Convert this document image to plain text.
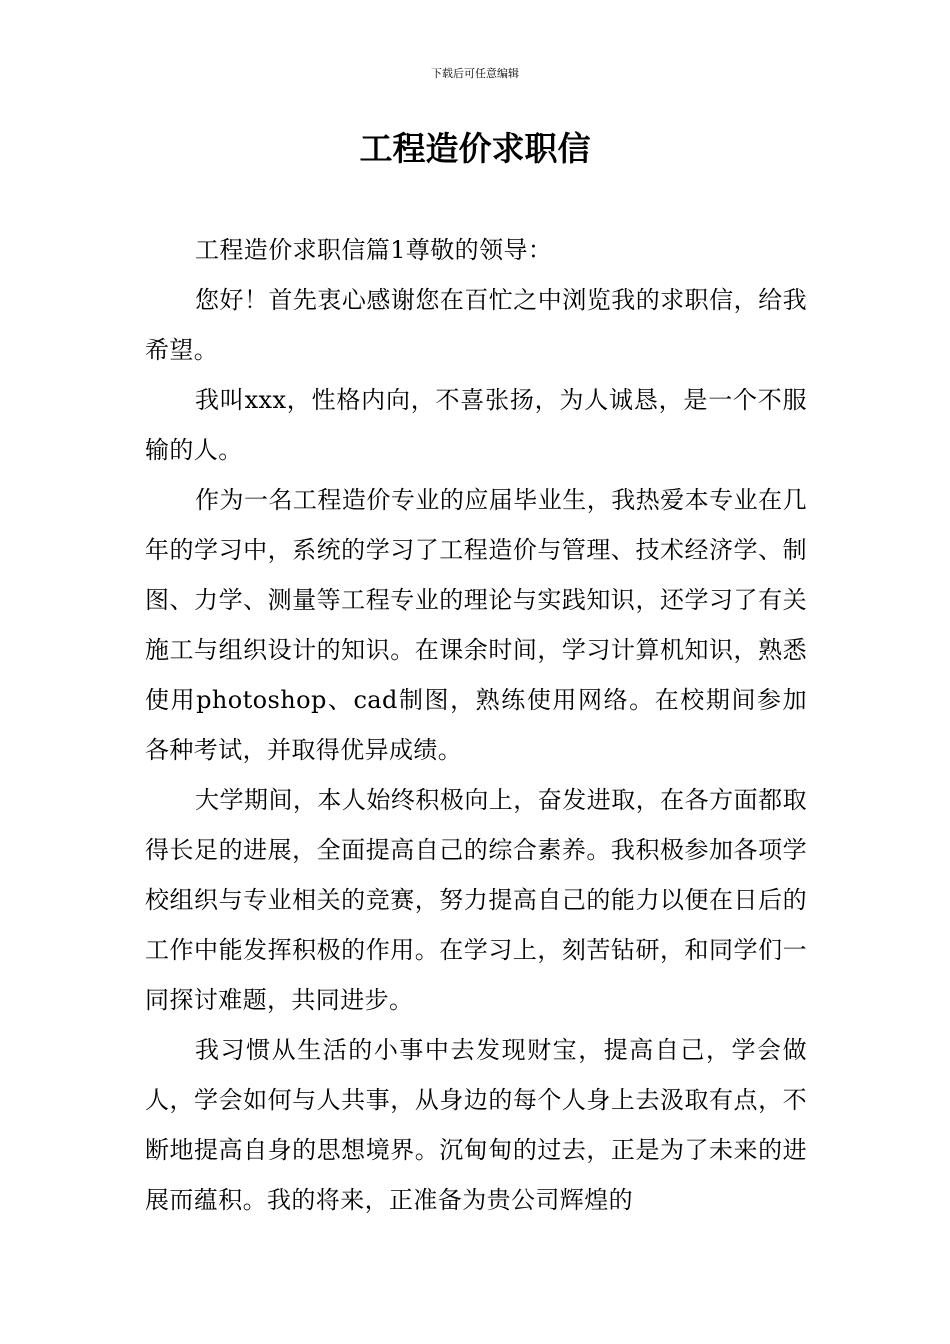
下载后可任意编辑
工程造价求职信

工程造价求职信篇1尊敬的领导：

您好！首先衷心感谢您在百忙之中浏览我的求职信，给我希望。

我叫xxx，性格内向，不喜张扬，为人诚恳，是一个不服输的人。

作为一名工程造价专业的应届毕业生，我热爱本专业在几年的学习中，系统的学习了工程造价与管理、技术经济学、制图、力学、测量等工程专业的理论与实践知识，还学习了有关施工与组织设计的知识。在课余时间，学习计算机知识，熟悉使用photoshop、cad制图，熟练使用网络。在校期间参加各种考试，并取得优异成绩。

大学期间，本人始终积极向上，奋发进取，在各方面都取得长足的进展，全面提高自己的综合素养。我积极参加各项学校组织与专业相关的竞赛，努力提高自己的能力以便在日后的工作中能发挥积极的作用。在学习上，刻苦钻研，和同学们一同探讨难题，共同进步。

我习惯从生活的小事中去发现财宝，提高自己，学会做人，学会如何与人共事，从身边的每个人身上去汲取有点，不断地提高自身的思想境界。沉甸甸的过去，正是为了未来的进展而蕴积。我的将来，正准备为贵公司辉煌的
